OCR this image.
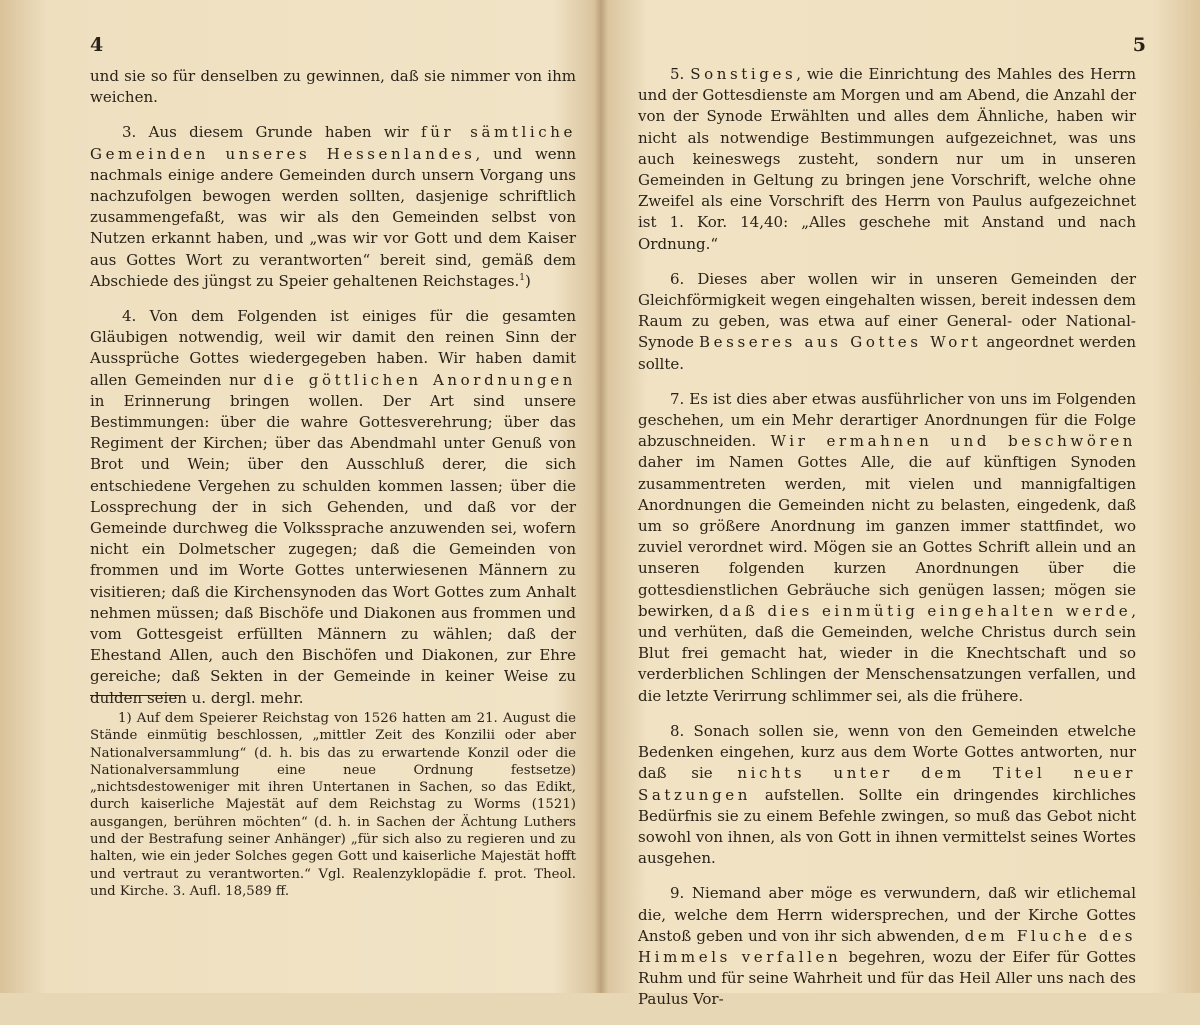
4

und sie so für denselben zu gewinnen, daß sie nimmer von ihm weichen.

3. Aus diesem Grunde haben wir für sämtliche Gemeinden unseres Hessenlandes, und wenn nachmals einige andere Gemeinden durch unsern Vorgang uns nachzufolgen bewogen werden sollten, dasjenige schriftlich zusammengefaßt, was wir als den Gemeinden selbst von Nutzen erkannt haben, und „was wir vor Gott und dem Kaiser aus Gottes Wort zu verantworten“ bereit sind, gemäß dem Abschiede des jüngst zu Speier gehaltenen Reichstages.$^1$)

4. Von dem Folgenden ist einiges für die gesamten Gläubigen notwendig, weil wir damit den reinen Sinn der Aussprüche Gottes wiedergegeben haben. Wir haben damit allen Gemeinden nur die göttlichen Anordnungen in Erinnerung bringen wollen. Der Art sind unsere Bestimmungen: über die wahre Gottesverehrung; über das Regiment der Kirchen; über das Abendmahl unter Genuß von Brot und Wein; über den Ausschluß derer, die sich entschiedene Vergehen zu schulden kommen lassen; über die Lossprechung der in sich Gehenden, und daß vor der Gemeinde durchweg die Volkssprache anzuwenden sei, wofern nicht ein Dolmetscher zugegen; daß die Gemeinden von frommen und im Worte Gottes unterwiesenen Männern zu visitieren; daß die Kirchensynoden das Wort Gottes zum Anhalt nehmen müssen; daß Bischöfe und Diakonen aus frommen und vom Gottesgeist erfüllten Männern zu wählen; daß der Ehestand Allen, auch den Bischöfen und Diakonen, zur Ehre gereiche; daß Sekten in der Gemeinde in keiner Weise zu dulden seien u. dergl. mehr.

1) Auf dem Speierer Reichstag von 1526 hatten am 21. August die Stände einmütig beschlossen, „mittler Zeit des Konzilii oder aber Nationalversammlung“ (d. h. bis das zu erwartende Konzil oder die Nationalversammlung eine neue Ordnung festsetze) „nichtsdestoweniger mit ihren Untertanen in Sachen, so das Edikt, durch kaiserliche Majestät auf dem Reichstag zu Worms (1521) ausgangen, berühren möchten“ (d. h. in Sachen der Ächtung Luthers und der Bestrafung seiner Anhänger) „für sich also zu regieren und zu halten, wie ein jeder Solches gegen Gott und kaiserliche Majestät hofft und vertraut zu verantworten.“ Vgl. Realenzyklopädie f. prot. Theol. und Kirche. 3. Aufl. 18,589 ff.

5

5. Sonstiges, wie die Einrichtung des Mahles des Herrn und der Gottesdienste am Morgen und am Abend, die Anzahl der von der Synode Erwählten und alles dem Ähnliche, haben wir nicht als notwendige Bestimmungen aufgezeichnet, was uns auch keineswegs zusteht, sondern nur um in unseren Gemeinden in Geltung zu bringen jene Vorschrift, welche ohne Zweifel als eine Vorschrift des Herrn von Paulus aufgezeichnet ist 1. Kor. 14,40: „Alles geschehe mit Anstand und nach Ordnung.“

6. Dieses aber wollen wir in unseren Gemeinden der Gleichförmigkeit wegen eingehalten wissen, bereit indessen dem Raum zu geben, was etwa auf einer General- oder National-Synode Besseres aus Gottes Wort angeordnet werden sollte.

7. Es ist dies aber etwas ausführlicher von uns im Folgenden geschehen, um ein Mehr derartiger Anordnungen für die Folge abzuschneiden. Wir ermahnen und beschwören daher im Namen Gottes Alle, die auf künftigen Synoden zusammentreten werden, mit vielen und mannigfaltigen Anordnungen die Gemeinden nicht zu belasten, eingedenk, daß um so größere Anordnung im ganzen immer stattfindet, wo zuviel verordnet wird. Mögen sie an Gottes Schrift allein und an unseren folgenden kurzen Anordnungen über die gottesdienstlichen Gebräuche sich genügen lassen; mögen sie bewirken, daß dies einmütig eingehalten werde, und verhüten, daß die Gemeinden, welche Christus durch sein Blut frei gemacht hat, wieder in die Knechtschaft und so verderblichen Schlingen der Menschensatzungen verfallen, und die letzte Verirrung schlimmer sei, als die frühere.

8. Sonach sollen sie, wenn von den Gemeinden etwelche Bedenken eingehen, kurz aus dem Worte Gottes antworten, nur daß sie nichts unter dem Titel neuer Satzungen aufstellen. Sollte ein dringendes kirchliches Bedürfnis sie zu einem Befehle zwingen, so muß das Gebot nicht sowohl von ihnen, als von Gott in ihnen vermittelst seines Wortes ausgehen.

9. Niemand aber möge es verwundern, daß wir etlichemal die, welche dem Herrn widersprechen, und der Kirche Gottes Anstoß geben und von ihr sich abwenden, dem Fluche des Himmels verfallen begehren, wozu der Eifer für Gottes Ruhm und für seine Wahrheit und für das Heil Aller uns nach des Paulus Vor-
